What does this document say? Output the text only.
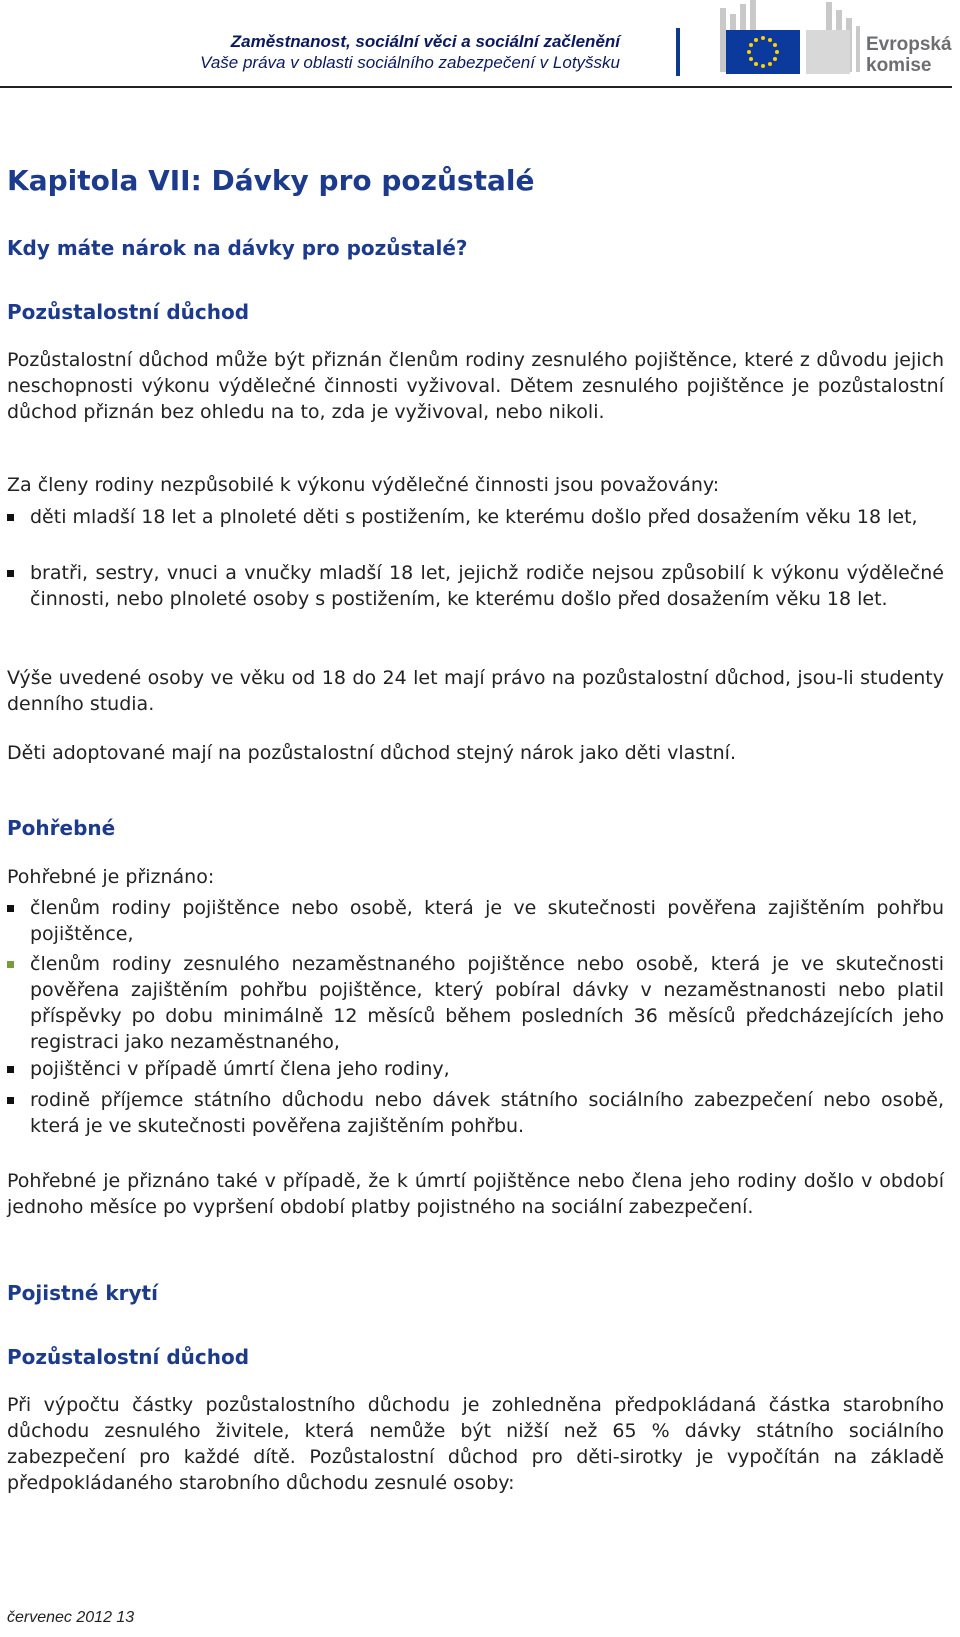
Zaměstnanost, sociální věci a sociální začlenění
Vaše práva v oblasti sociálního zabezpečení v Lotyšsku
Evropská
komise
Kapitola VII: Dávky pro pozůstalé
Kdy máte nárok na dávky pro pozůstalé?
Pozůstalostní důchod

Pozůstalostní důchod může být přiznán členům rodiny zesnulého pojištěnce, které z důvodu jejich neschopnosti výkonu výdělečné činnosti vyživoval. Dětem zesnulého pojištěnce je pozůstalostní důchod přiznán bez ohledu na to, zda je vyživoval, nebo nikoli.

Za členy rodiny nezpůsobilé k výkonu výdělečné činnosti jsou považovány:

děti mladší 18 let a plnoleté děti s postižením, ke kterému došlo před dosažením věku 18 let,

bratři, sestry, vnuci a vnučky mladší 18 let, jejichž rodiče nejsou způsobilí k výkonu výdělečné činnosti, nebo plnoleté osoby s postižením, ke kterému došlo před dosažením věku 18 let.

Výše uvedené osoby ve věku od 18 do 24 let mají právo na pozůstalostní důchod, jsou-li studenty denního studia.

Děti adoptované mají na pozůstalostní důchod stejný nárok jako děti vlastní.

Pohřebné

Pohřebné je přiznáno:

členům rodiny pojištěnce nebo osobě, která je ve skutečnosti pověřena zajištěním pohřbu pojištěnce,

členům rodiny zesnulého nezaměstnaného pojištěnce nebo osobě, která je ve skutečnosti pověřena zajištěním pohřbu pojištěnce, který pobíral dávky v nezaměstnanosti nebo platil příspěvky po dobu minimálně 12 měsíců během posledních 36 měsíců předcházejících jeho registraci jako nezaměstnaného,

pojištěnci v případě úmrtí člena jeho rodiny,

rodině příjemce státního důchodu nebo dávek státního sociálního zabezpečení nebo osobě, která je ve skutečnosti pověřena zajištěním pohřbu.

Pohřebné je přiznáno také v případě, že k úmrtí pojištěnce nebo člena jeho rodiny došlo v období jednoho měsíce po vypršení období platby pojistného na sociální zabezpečení.

Pojistné krytí
Pozůstalostní důchod

Při výpočtu částky pozůstalostního důchodu je zohledněna předpokládaná částka starobního důchodu zesnulého živitele, která nemůže být nižší než 65 % dávky státního sociálního zabezpečení pro každé dítě. Pozůstalostní důchod pro děti-sirotky je vypočítán na základě předpokládaného starobního důchodu zesnulé osoby:

červenec 2012 13
